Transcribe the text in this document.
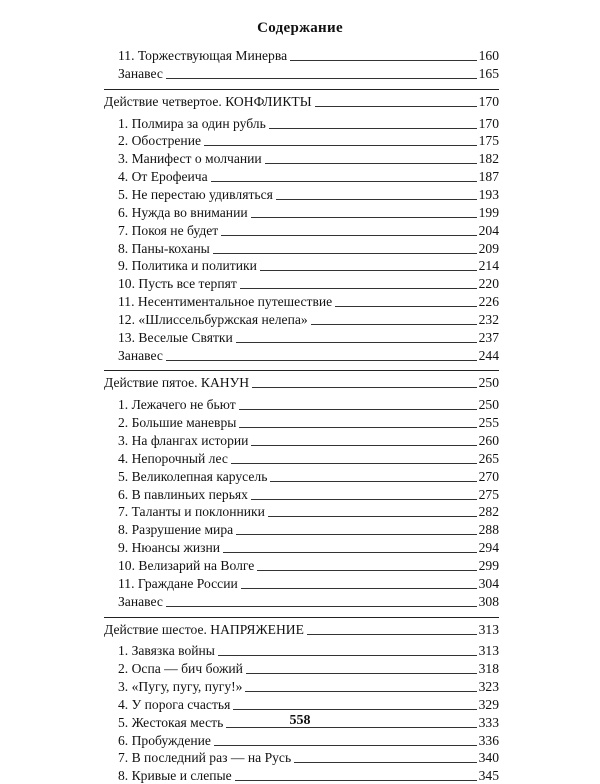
Содержание
11. Торжествующая Минерва	160
Занавес	165
Действие четвертое. КОНФЛИКТЫ	170
1. Полмира за один рубль	170
2. Обострение	175
3. Манифест о молчании	182
4. От Ерофеича	187
5. Не перестаю удивляться	193
6. Нужда во внимании	199
7. Покоя не будет	204
8. Паны-коханы	209
9. Политика и политики	214
10. Пусть все терпят	220
11. Несентиментальное путешествие	226
12. «Шлиссельбуржская нелепа»	232
13. Веселые Святки	237
Занавес	244
Действие пятое. КАНУН	250
1. Лежачего не бьют	250
2. Большие маневры	255
3. На флангах истории	260
4. Непорочный лес	265
5. Великолепная карусель	270
6. В павлиньих перьях	275
7. Таланты и поклонники	282
8. Разрушение мира	288
9. Нюансы жизни	294
10. Велизарий на Волге	299
11. Граждане России	304
Занавес	308
Действие шестое. НАПРЯЖЕНИЕ	313
1. Завязка войны	313
2. Оспа — бич божий	318
3. «Пугу, пугу, пугу!»	323
4. У порога счастья	329
5. Жестокая месть	333
6. Пробуждение	336
7. В последний раз — на Русь	340
8. Кривые и слепые	345
558
